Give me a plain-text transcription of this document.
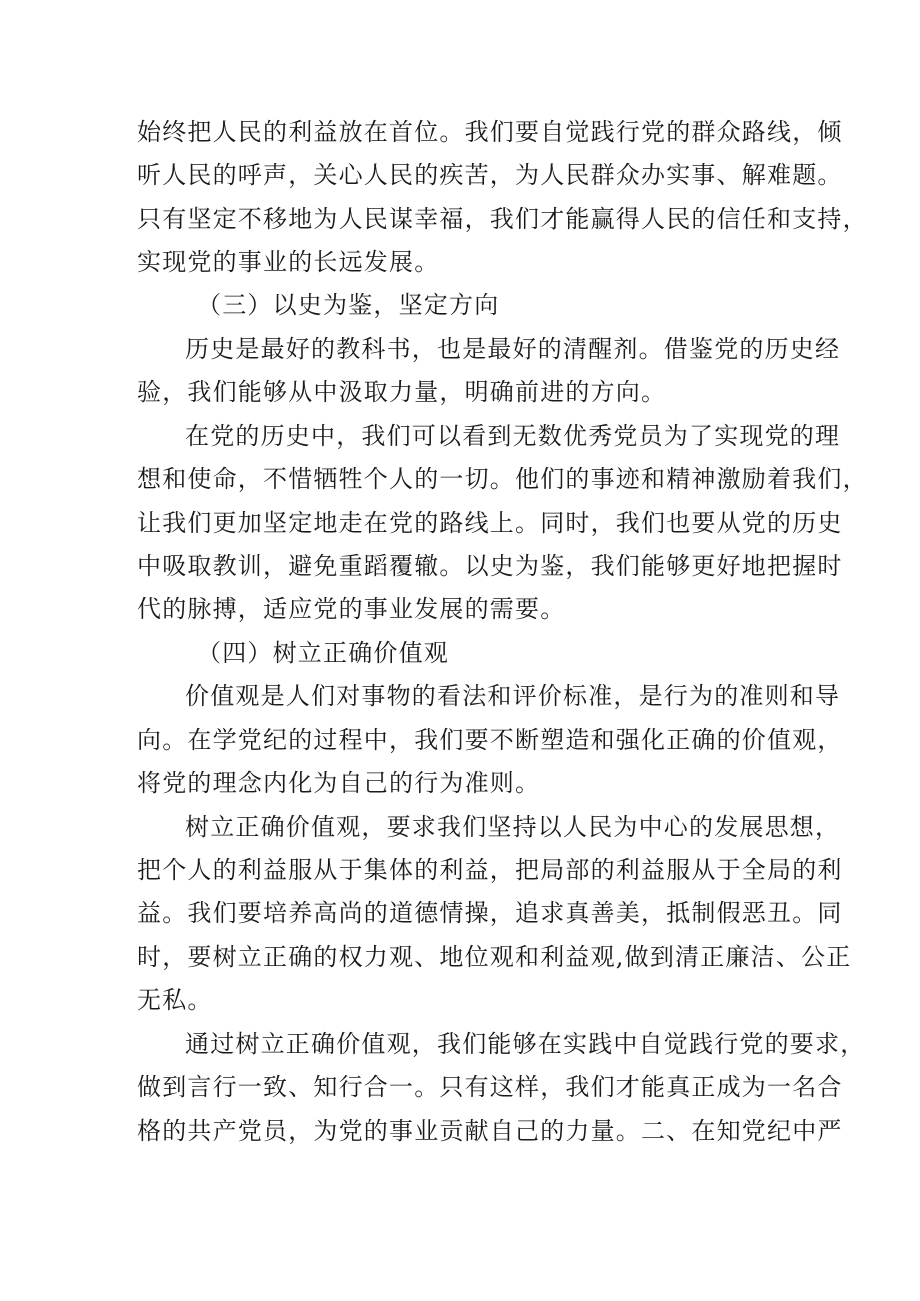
始终把人民的利益放在首位。我们要自觉践行党的群众路线，倾
听人民的呼声，关心人民的疾苦，为人民群众办实事、解难题。
只有坚定不移地为人民谋幸福，我们才能赢得人民的信任和支持，
实现党的事业的长远发展。
（三）以史为鉴，坚定方向
历史是最好的教科书，也是最好的清醒剂。借鉴党的历史经
验，我们能够从中汲取力量，明确前进的方向。
在党的历史中，我们可以看到无数优秀党员为了实现党的理
想和使命，不惜牺牲个人的一切。他们的事迹和精神激励着我们，
让我们更加坚定地走在党的路线上。同时，我们也要从党的历史
中吸取教训，避免重蹈覆辙。以史为鉴，我们能够更好地把握时
代的脉搏，适应党的事业发展的需要。
（四）树立正确价值观
价值观是人们对事物的看法和评价标准，是行为的准则和导
向。在学党纪的过程中，我们要不断塑造和强化正确的价值观，
将党的理念内化为自己的行为准则。
树立正确价值观，要求我们坚持以人民为中心的发展思想，
把个人的利益服从于集体的利益，把局部的利益服从于全局的利
益。我们要培养高尚的道德情操，追求真善美，抵制假恶丑。同
时，要树立正确的权力观、地位观和利益观,做到清正廉洁、公正
无私。
通过树立正确价值观，我们能够在实践中自觉践行党的要求，
做到言行一致、知行合一。只有这样，我们才能真正成为一名合
格的共产党员，为党的事业贡献自己的力量。二、在知党纪中严
